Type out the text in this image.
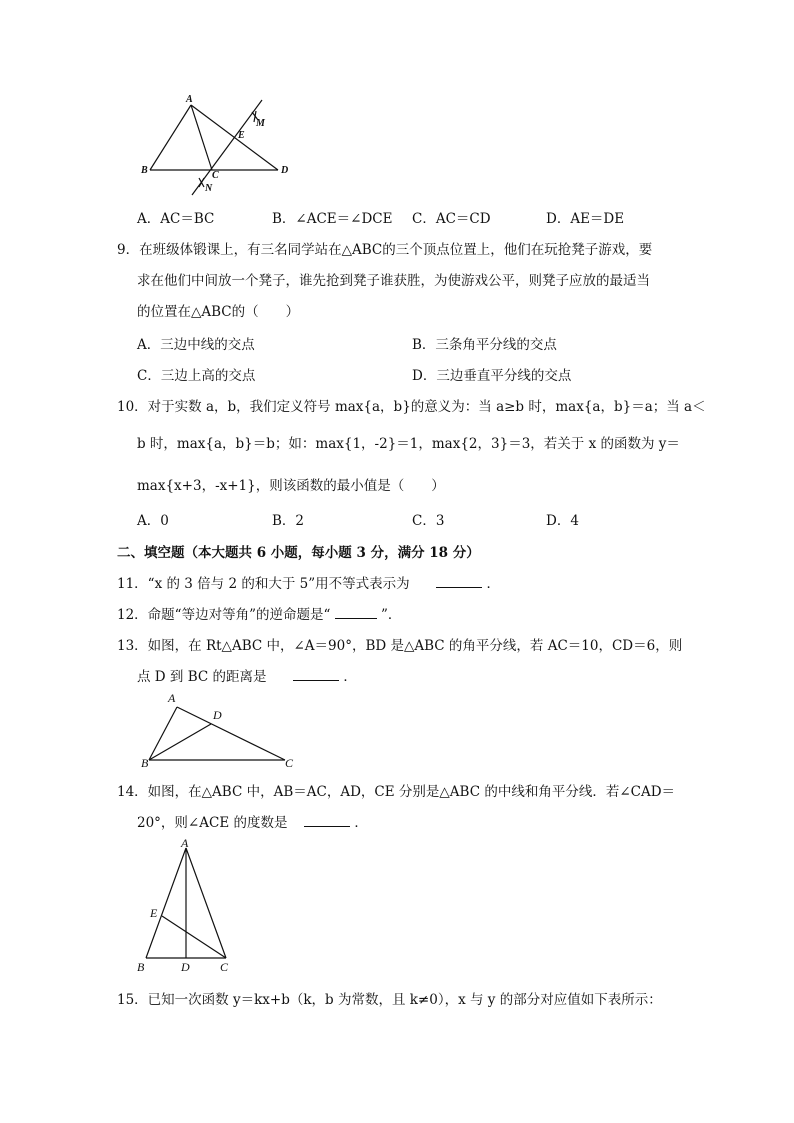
A
B	C	D
E
M
N
A．AC＝BC	B．∠ACE＝∠DCE C．AC＝CD	D．AE＝DE
9．在班级体锻课上，有三名同学站在△ABC的三个顶点位置上，他们在玩抢凳子游戏，要
求在他们中间放一个凳子，谁先抢到凳子谁获胜，为使游戏公平，则凳子应放的最适当
的位置在△ABC的（　　）
A．三边中线的交点	B．三条角平分线的交点
C．三边上高的交点	D．三边垂直平分线的交点
10．对于实数 a，b，我们定义符号 max{a，b}的意义为：当 a≥b 时，max{a，b}＝a；当 a＜
b 时，max{a，b}＝b；如：max{1，-2}＝1，max{2，3}＝3，若关于 x 的函数为 y＝
max{x+3，-x+1}，则该函数的最小值是（　　）
A．0	B．2	C．3	D．4
二、填空题（本大题共 6 小题，每小题 3 分，满分 18 分）
11．“x 的 3 倍与 2 的和大于 5”用不等式表示为	．
12．命题“等边对等角”的逆命题是“	”．
13．如图，在 Rt△ABC 中，∠A＝90°，BD 是△ABC 的角平分线，若 AC＝10，CD＝6，则
点 D 到 BC 的距离是	．
A
D
B	C
14．如图，在△ABC 中，AB＝AC，AD，CE 分别是△ABC 的中线和角平分线．若∠CAD＝
20°，则∠ACE 的度数是	．
A
E
B	D	C
15．已知一次函数 y＝kx+b（k，b 为常数，且 k≠0），x 与 y 的部分对应值如下表所示：
